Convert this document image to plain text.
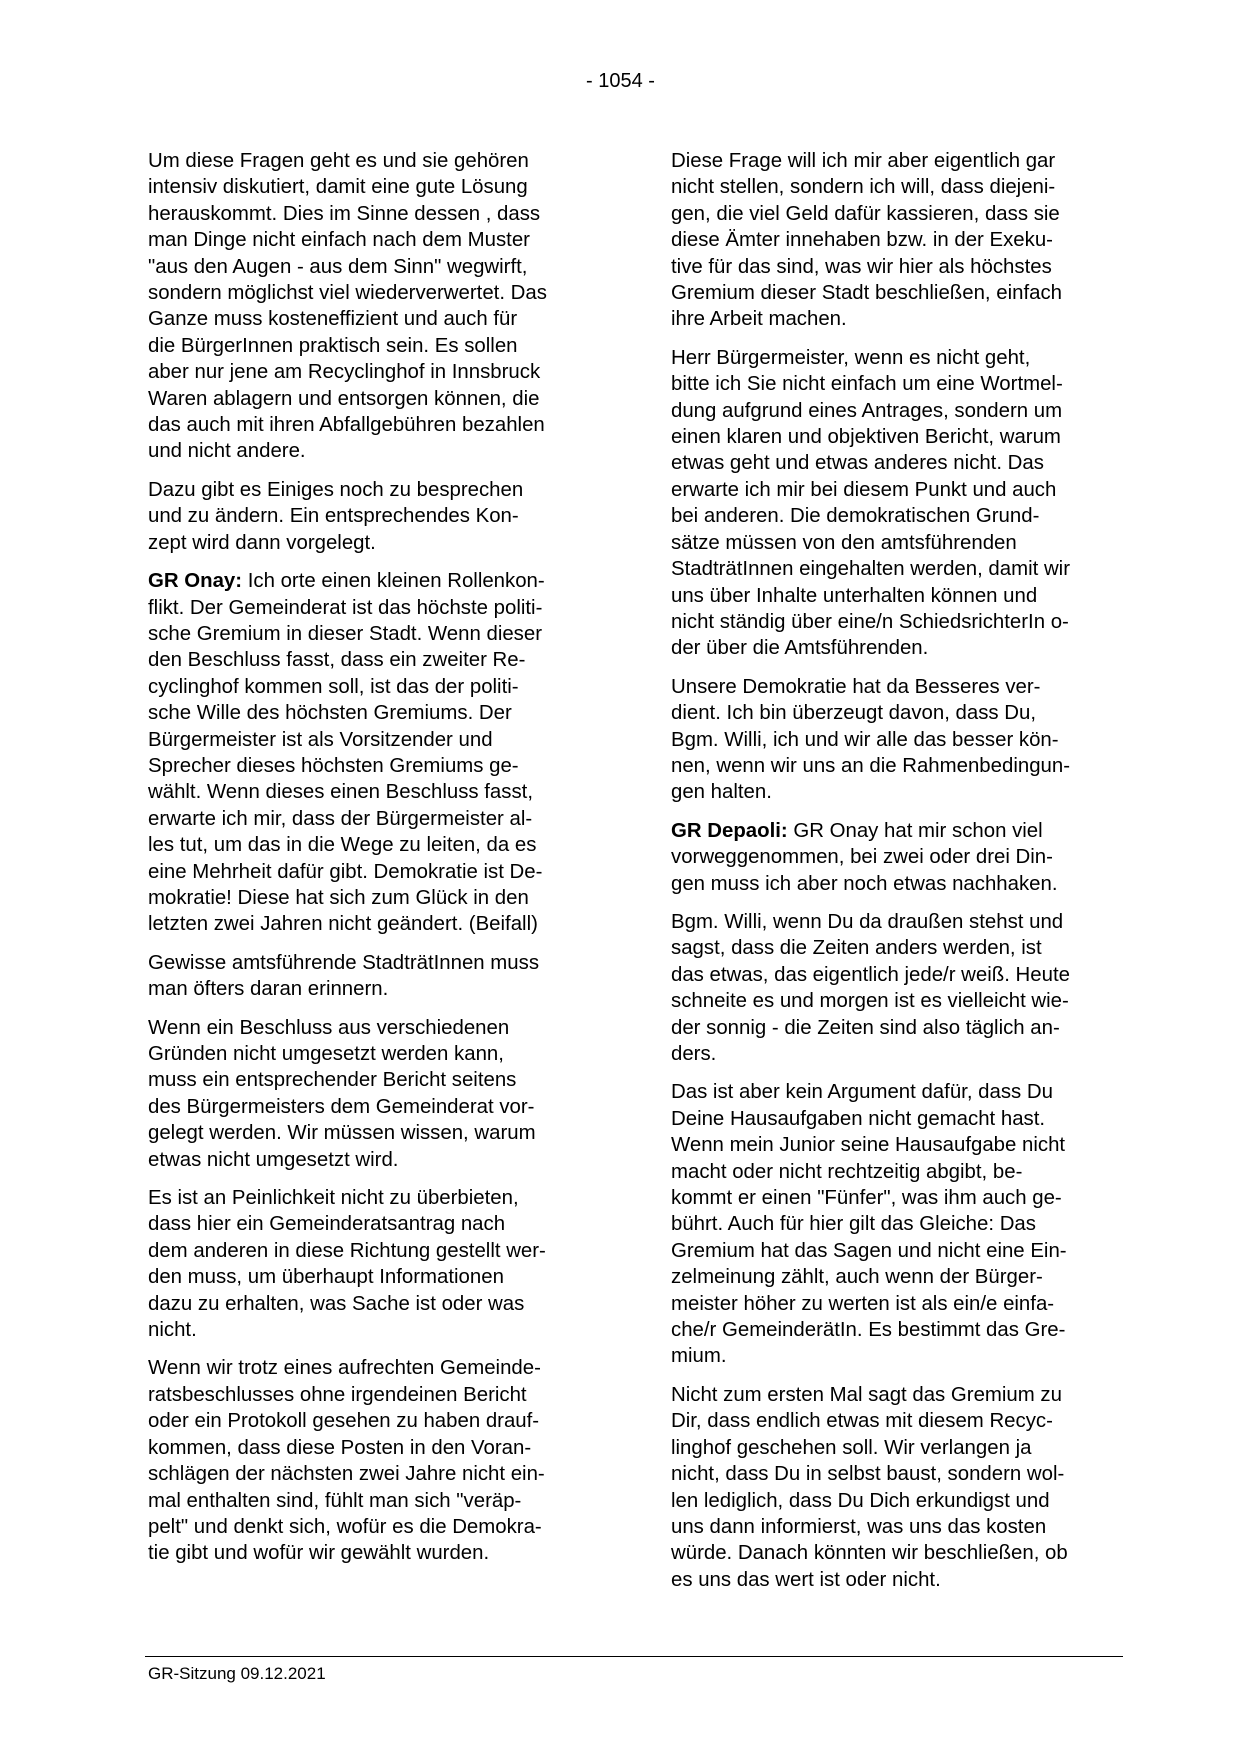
- 1054 -

Um diese Fragen geht es und sie gehören
intensiv diskutiert, damit eine gute Lösung
herauskommt. Dies im Sinne dessen , dass
man Dinge nicht einfach nach dem Muster
"aus den Augen - aus dem Sinn" wegwirft,
sondern möglichst viel wiederverwertet. Das
Ganze muss kosteneffizient und auch für
die BürgerInnen praktisch sein. Es sollen
aber nur jene am Recyclinghof in Innsbruck
Waren ablagern und entsorgen können, die
das auch mit ihren Abfallgebühren bezahlen
und nicht andere.

Dazu gibt es Einiges noch zu besprechen
und zu ändern. Ein entsprechendes Kon-
zept wird dann vorgelegt.

GR Onay: Ich orte einen kleinen Rollenkon-
flikt. Der Gemeinderat ist das höchste politi-
sche Gremium in dieser Stadt. Wenn dieser
den Beschluss fasst, dass ein zweiter Re-
cyclinghof kommen soll, ist das der politi-
sche Wille des höchsten Gremiums. Der
Bürgermeister ist als Vorsitzender und
Sprecher dieses höchsten Gremiums ge-
wählt. Wenn dieses einen Beschluss fasst,
erwarte ich mir, dass der Bürgermeister al-
les tut, um das in die Wege zu leiten, da es
eine Mehrheit dafür gibt. Demokratie ist De-
mokratie! Diese hat sich zum Glück in den
letzten zwei Jahren nicht geändert. (Beifall)

Gewisse amtsführende StadträtInnen muss
man öfters daran erinnern.

Wenn ein Beschluss aus verschiedenen
Gründen nicht umgesetzt werden kann,
muss ein entsprechender Bericht seitens
des Bürgermeisters dem Gemeinderat vor-
gelegt werden. Wir müssen wissen, warum
etwas nicht umgesetzt wird.

Es ist an Peinlichkeit nicht zu überbieten,
dass hier ein Gemeinderatsantrag nach
dem anderen in diese Richtung gestellt wer-
den muss, um überhaupt Informationen
dazu zu erhalten, was Sache ist oder was
nicht.

Wenn wir trotz eines aufrechten Gemeinde-
ratsbeschlusses ohne irgendeinen Bericht
oder ein Protokoll gesehen zu haben drauf-
kommen, dass diese Posten in den Voran-
schlägen der nächsten zwei Jahre nicht ein-
mal enthalten sind, fühlt man sich "veräp-
pelt" und denkt sich, wofür es die Demokra-
tie gibt und wofür wir gewählt wurden.

Diese Frage will ich mir aber eigentlich gar
nicht stellen, sondern ich will, dass diejeni-
gen, die viel Geld dafür kassieren, dass sie
diese Ämter innehaben bzw. in der Exeku-
tive für das sind, was wir hier als höchstes
Gremium dieser Stadt beschließen, einfach
ihre Arbeit machen.

Herr Bürgermeister, wenn es nicht geht,
bitte ich Sie nicht einfach um eine Wortmel-
dung aufgrund eines Antrages, sondern um
einen klaren und objektiven Bericht, warum
etwas geht und etwas anderes nicht. Das
erwarte ich mir bei diesem Punkt und auch
bei anderen. Die demokratischen Grund-
sätze müssen von den amtsführenden
StadträtInnen eingehalten werden, damit wir
uns über Inhalte unterhalten können und
nicht ständig über eine/n SchiedsrichterIn o-
der über die Amtsführenden.

Unsere Demokratie hat da Besseres ver-
dient. Ich bin überzeugt davon, dass Du,
Bgm. Willi, ich und wir alle das besser kön-
nen, wenn wir uns an die Rahmenbedingun-
gen halten.

GR Depaoli: GR Onay hat mir schon viel
vorweggenommen, bei zwei oder drei Din-
gen muss ich aber noch etwas nachhaken.

Bgm. Willi, wenn Du da draußen stehst und
sagst, dass die Zeiten anders werden, ist
das etwas, das eigentlich jede/r weiß. Heute
schneite es und morgen ist es vielleicht wie-
der sonnig - die Zeiten sind also täglich an-
ders.

Das ist aber kein Argument dafür, dass Du
Deine Hausaufgaben nicht gemacht hast.
Wenn mein Junior seine Hausaufgabe nicht
macht oder nicht rechtzeitig abgibt, be-
kommt er einen "Fünfer", was ihm auch ge-
bührt. Auch für hier gilt das Gleiche: Das
Gremium hat das Sagen und nicht eine Ein-
zelmeinung zählt, auch wenn der Bürger-
meister höher zu werten ist als ein/e einfa-
che/r GemeinderätIn. Es bestimmt das Gre-
mium.

Nicht zum ersten Mal sagt das Gremium zu
Dir, dass endlich etwas mit diesem Recyc-
linghof geschehen soll. Wir verlangen ja
nicht, dass Du in selbst baust, sondern wol-
len lediglich, dass Du Dich erkundigst und
uns dann informierst, was uns das kosten
würde. Danach könnten wir beschließen, ob
es uns das wert ist oder nicht.

GR-Sitzung 09.12.2021
